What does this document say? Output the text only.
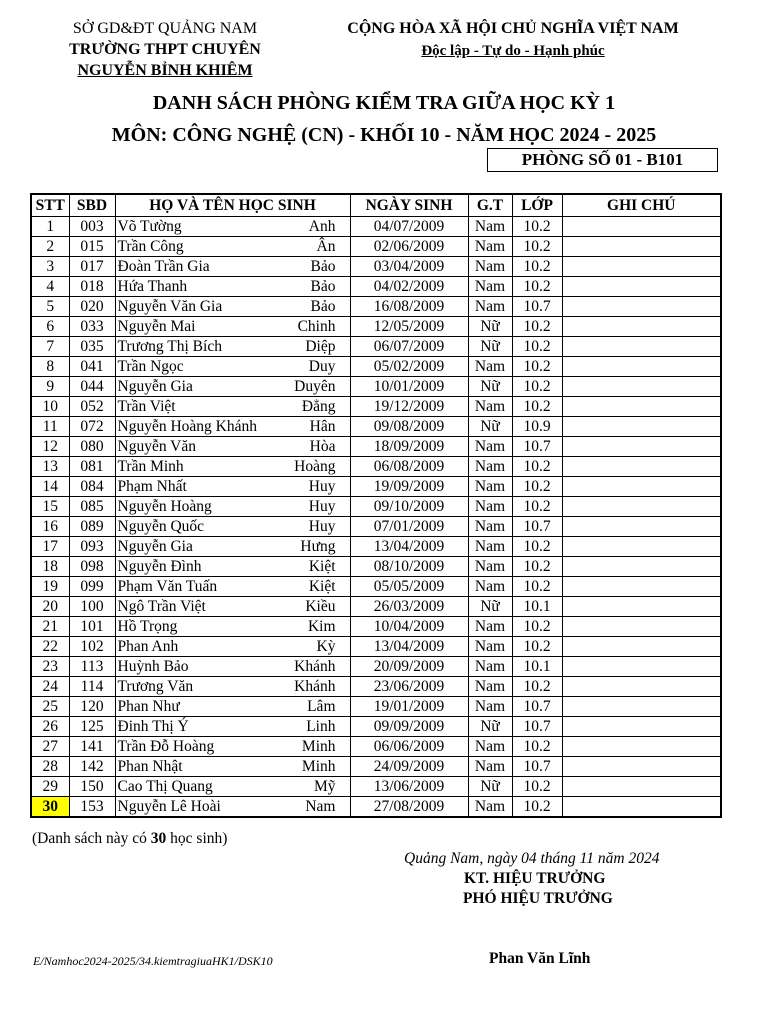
SỞ GD&ĐT QUẢNG NAM
TRƯỜNG THPT CHUYÊN
NGUYỄN BỈNH KHIÊM
CỘNG HÒA XÃ HỘI CHỦ NGHĨA VIỆT NAM
Độc lập - Tự do - Hạnh phúc
DANH SÁCH PHÒNG KIỂM TRA GIỮA HỌC KỲ 1
MÔN: CÔNG NGHỆ (CN) - KHỐI 10 - NĂM HỌC 2024 - 2025
PHÒNG SỐ 01 - B101
STT	SBD	HỌ VÀ TÊN HỌC SINH	NGÀY SINH	G.T	LỚP	GHI CHÚ
1	003	Võ Tường Anh	04/07/2009	Nam	10.2	
2	015	Trần Công Ân	02/06/2009	Nam	10.2	
3	017	Đoàn Trần Gia Bảo	03/04/2009	Nam	10.2	
4	018	Hứa Thanh Bảo	04/02/2009	Nam	10.2	
5	020	Nguyễn Văn Gia Bảo	16/08/2009	Nam	10.7	
6	033	Nguyễn Mai Chinh	12/05/2009	Nữ	10.2	
7	035	Trương Thị Bích Diệp	06/07/2009	Nữ	10.2	
8	041	Trần Ngọc Duy	05/02/2009	Nam	10.2	
9	044	Nguyễn Gia Duyên	10/01/2009	Nữ	10.2	
10	052	Trần Việt Đẳng	19/12/2009	Nam	10.2	
11	072	Nguyễn Hoàng Khánh Hân	09/08/2009	Nữ	10.9	
12	080	Nguyễn Văn Hòa	18/09/2009	Nam	10.7	
13	081	Trần Minh Hoàng	06/08/2009	Nam	10.2	
14	084	Phạm Nhất Huy	19/09/2009	Nam	10.2	
15	085	Nguyễn Hoàng Huy	09/10/2009	Nam	10.2	
16	089	Nguyễn Quốc Huy	07/01/2009	Nam	10.7	
17	093	Nguyễn Gia Hưng	13/04/2009	Nam	10.2	
18	098	Nguyễn Đình Kiệt	08/10/2009	Nam	10.2	
19	099	Phạm Văn Tuấn Kiệt	05/05/2009	Nam	10.2	
20	100	Ngô Trần Việt Kiều	26/03/2009	Nữ	10.1	
21	101	Hồ Trọng Kim	10/04/2009	Nam	10.2	
22	102	Phan Anh Kỳ	13/04/2009	Nam	10.2	
23	113	Huỳnh Bảo Khánh	20/09/2009	Nam	10.1	
24	114	Trương Văn Khánh	23/06/2009	Nam	10.2	
25	120	Phan Như Lâm	19/01/2009	Nam	10.7	
26	125	Đinh Thị Ý Linh	09/09/2009	Nữ	10.7	
27	141	Trần Đỗ Hoàng Minh	06/06/2009	Nam	10.2	
28	142	Phan Nhật Minh	24/09/2009	Nam	10.7	
29	150	Cao Thị Quang Mỹ	13/06/2009	Nữ	10.2	
30	153	Nguyễn Lê Hoài Nam	27/08/2009	Nam	10.2	
(Danh sách này có 30 học sinh)
Quảng Nam, ngày 04 tháng 11 năm 2024
KT. HIỆU TRƯỞNG
PHÓ HIỆU TRƯỞNG
E/Namhoc2024-2025/34.kiemtragiuaHK1/DSK10	Phan Văn Lĩnh
